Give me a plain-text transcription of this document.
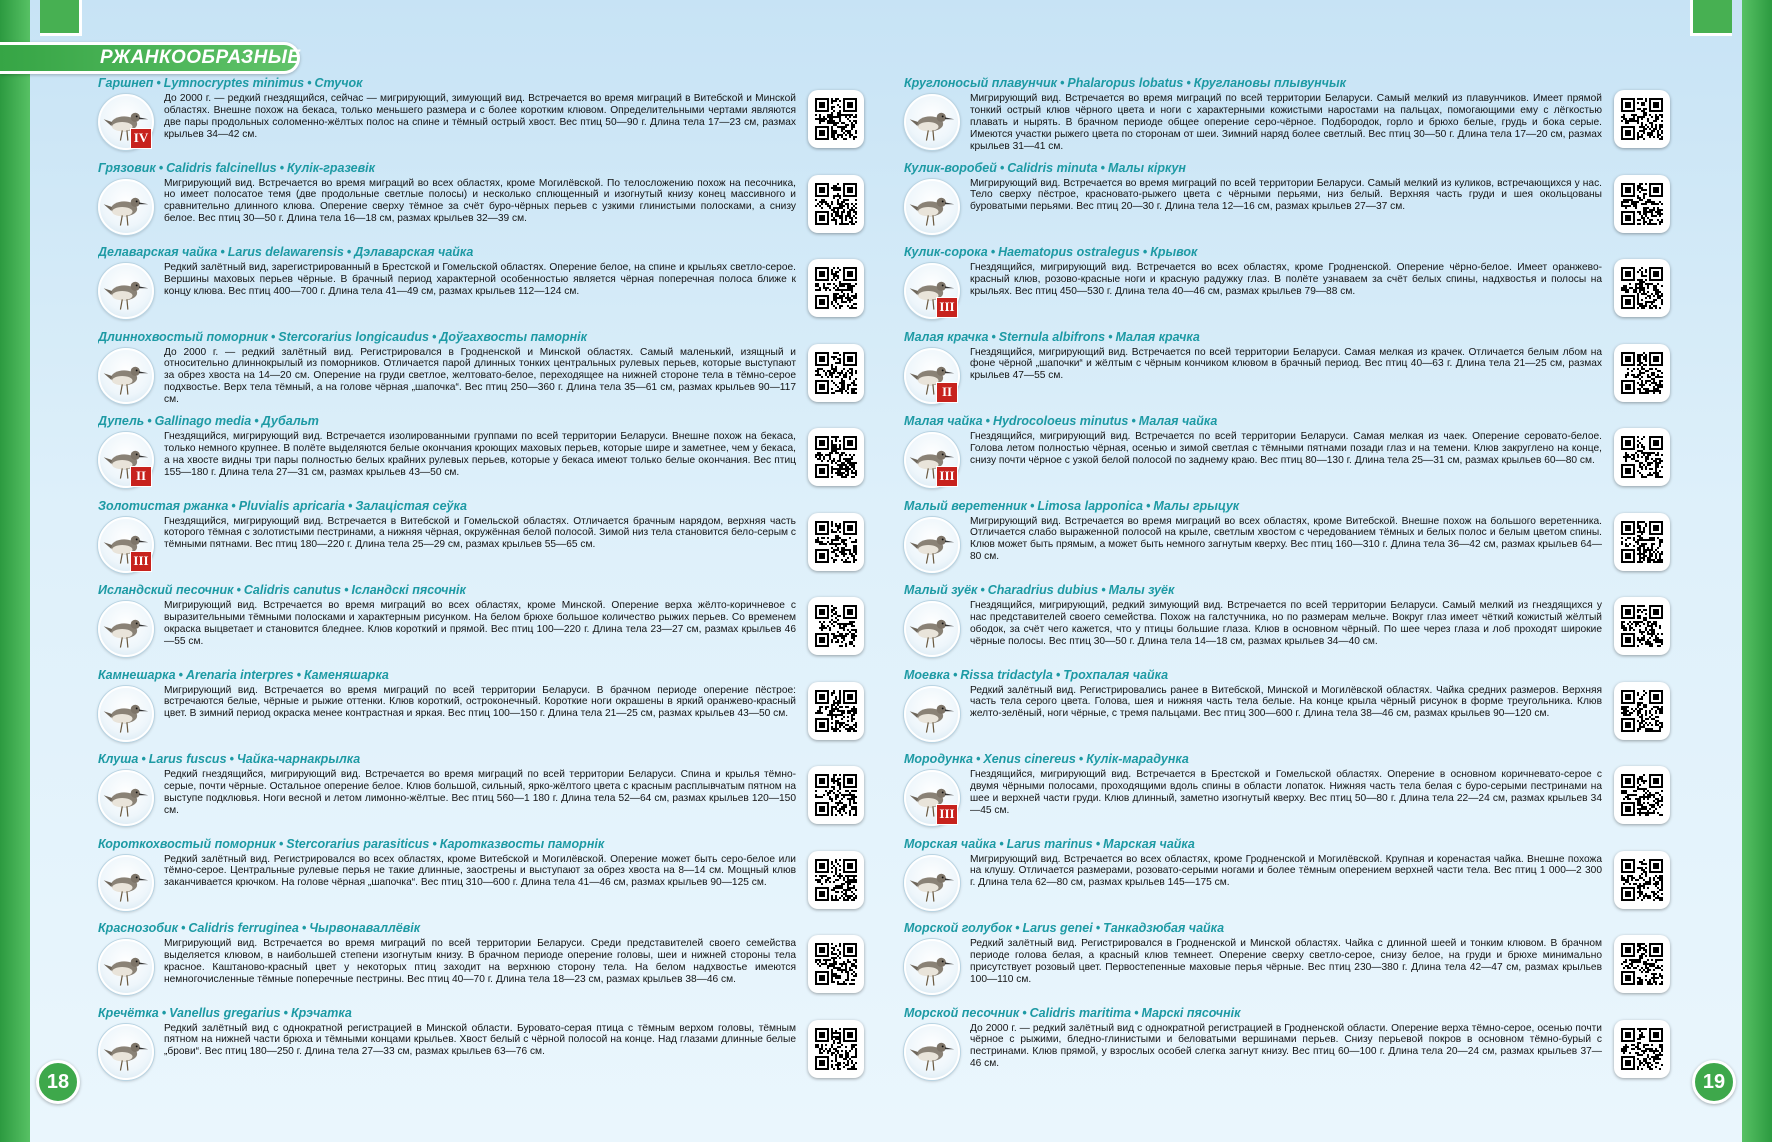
РЖАНКООБРАЗНЫЕ
Гаршнеп • Lymnocryptes minimus • Стучок
IV
До 2000 г. — редкий гнездящийся, сейчас — мигрирующий, зимующий вид. Встречается во время миграций в Витебской и Минской областях. Внешне похож на бекаса, только меньшего размера и с более коротким клювом. Определительными чертами являются две пары продольных соломенно-жёлтых полос на спине и тёмный острый хвост. Вес птиц 50—90 г. Длина тела 17—23 см, размах крыльев 34—42 см.
Грязовик • Calidris falcinellus • Кулік-гразевік
Мигрирующий вид. Встречается во время миграций во всех областях, кроме Могилёвской. По телосложению похож на песочника, но имеет полосатое темя (две продольные светлые полосы) и несколько сплющенный и изогнутый книзу конец массивного и сравнительно длинного клюва. Оперение сверху тёмное за счёт буро-чёрных перьев с узкими глинистыми полосками, а снизу белое. Вес птиц 30—50 г. Длина тела 16—18 см, размах крыльев 32—39 см.
Делаварская чайка • Larus delawarensis • Дэлаварская чайка
Редкий залётный вид, зарегистрированный в Брестской и Гомельской областях. Оперение белое, на спине и крыльях светло-серое. Вершины маховых перьев чёрные. В брачный период характерной особенностью является чёрная поперечная полоса ближе к концу клюва. Вес птиц 400—700 г. Длина тела 41—49 см, размах крыльев 112—124 см.
Длиннохвостый поморник • Stercorarius longicaudus • Доўгахвосты паморнік
До 2000 г. — редкий залётный вид. Регистрировался в Гродненской и Минской областях. Самый маленький, изящный и относительно длиннокрылый из поморников. Отличается парой длинных тонких центральных рулевых перьев, которые выступают за обрез хвоста на 14—20 см. Оперение на груди светлое, желтовато-белое, переходящее на нижней стороне тела в тёмно-серое подхвостье. Верх тела тёмный, а на голове чёрная „шапочка“. Вес птиц 250—360 г. Длина тела 35—61 см, размах крыльев 90—117 см.
Дупель • Gallinago media • Дубальт
II
Гнездящийся, мигрирующий вид. Встречается изолированными группами по всей территории Беларуси. Внешне похож на бекаса, только немного крупнее. В полёте выделяются белые окончания кроющих маховых перьев, которые шире и заметнее, чем у бекаса, а на хвосте видны три пары полностью белых крайних рулевых перьев, которые у бекаса имеют только белые окончания. Вес птиц 155—180 г. Длина тела 27—31 см, размах крыльев 43—50 см.
Золотистая ржанка • Pluvialis apricaria • Залацістая сеўка
III
Гнездящийся, мигрирующий вид. Встречается в Витебской и Гомельской областях. Отличается брачным нарядом, верхняя часть которого тёмная с золотистыми пестринами, а нижняя чёрная, окружённая белой полосой. Зимой низ тела становится бело-серым с тёмными пятнами. Вес птиц 180—220 г. Длина тела 25—29 см, размах крыльев 55—65 см.
Исландский песочник • Calidris canutus • Ісландскі пясочнік
Мигрирующий вид. Встречается во время миграций во всех областях, кроме Минской. Оперение верха жёлто-коричневое с выразительными тёмными полосками и характерным рисунком. На белом брюхе большое количество рыжих перьев. Со временем окраска выцветает и становится бледнее. Клюв короткий и прямой. Вес птиц 100—220 г. Длина тела 23—27 см, размах крыльев 46—55 см.
Камнешарка • Arenaria interpres • Каменяшарка
Мигрирующий вид. Встречается во время миграций по всей территории Беларуси. В брачном периоде оперение пёстрое: встречаются белые, чёрные и рыжие оттенки. Клюв короткий, остроконечный. Короткие ноги окрашены в яркий оранжево-красный цвет. В зимний период окраска менее контрастная и яркая. Вес птиц 100—150 г. Длина тела 21—25 см, размах крыльев 43—50 см.
Клуша • Larus fuscus • Чайка-чарнакрылка
Редкий гнездящийся, мигрирующий вид. Встречается во время миграций по всей территории Беларуси. Спина и крылья тёмно-серые, почти чёрные. Остальное оперение белое. Клюв большой, сильный, ярко-жёлтого цвета с красным расплывчатым пятном на выступе подклювья. Ноги весной и летом лимонно-жёлтые. Вес птиц 560—1 180 г. Длина тела 52—64 см, размах крыльев 120—150 см.
Короткохвостый поморник • Stercorarius parasiticus • Каротказвосты паморнік
Редкий залётный вид. Регистрировался во всех областях, кроме Витебской и Могилёвской. Оперение может быть серо-белое или тёмно-серое. Центральные рулевые перья не такие длинные, заострены и выступают за обрез хвоста на 8—14 см. Мощный клюв заканчивается крючком. На голове чёрная „шапочка“. Вес птиц 310—600 г. Длина тела 41—46 см, размах крыльев 90—125 см.
Краснозобик • Calidris ferruginea • Чырвонаваллёвік
Мигрирующий вид. Встречается во время миграций по всей территории Беларуси. Среди представителей своего семейства выделяется клювом, в наибольшей степени изогнутым книзу. В брачном периоде оперение головы, шеи и нижней стороны тела красное. Каштаново-красный цвет у некоторых птиц заходит на верхнюю сторону тела. На белом надхвостье имеются немногочисленные тёмные поперечные пестрины. Вес птиц 40—70 г. Длина тела 18—23 см, размах крыльев 38—46 см.
Кречётка • Vanellus gregarius • Крэчатка
Редкий залётный вид с однократной регистрацией в Минской области. Буровато-серая птица с тёмным верхом головы, тёмным пятном на нижней части брюха и тёмными концами крыльев. Хвост белый с чёрной полосой на конце. Над глазами длинные белые „брови“. Вес птиц 180—250 г. Длина тела 27—33 см, размах крыльев 63—76 см.
Круглоносый плавунчик • Phalaropus lobatus • Круглановы плывунчык
Мигрирующий вид. Встречается во время миграций по всей территории Беларуси. Самый мелкий из плавунчиков. Имеет прямой тонкий острый клюв чёрного цвета и ноги с характерными кожистыми наростами на пальцах, помогающими ему с лёгкостью плавать и нырять. В брачном периоде общее оперение серо-чёрное. Подбородок, горло и брюхо белые, грудь и бока серые. Имеются участки рыжего цвета по сторонам от шеи. Зимний наряд более светлый. Вес птиц 30—50 г. Длина тела 17—20 см, размах крыльев 31—41 см.
Кулик-воробей • Calidris minuta • Малы кіркун
Мигрирующий вид. Встречается во время миграций по всей территории Беларуси. Самый мелкий из куликов, встречающихся у нас. Тело сверху пёстрое, красновато-рыжего цвета с чёрными перьями, низ белый. Верхняя часть груди и шея окольцованы буроватыми перьями. Вес птиц 20—30 г. Длина тела 12—16 см, размах крыльев 27—37 см.
Кулик-сорока • Haematopus ostralegus • Крывок
III
Гнездящийся, мигрирующий вид. Встречается во всех областях, кроме Гродненской. Оперение чёрно-белое. Имеет оранжево-красный клюв, розово-красные ноги и красную радужку глаз. В полёте узнаваем за счёт белых спины, надхвостья и полосы на крыльях. Вес птиц 450—530 г. Длина тела 40—46 см, размах крыльев 79—88 см.
Малая крачка • Sternula albifrons • Малая крачка
II
Гнездящийся, мигрирующий вид. Встречается по всей территории Беларуси. Самая мелкая из крачек. Отличается белым лбом на фоне чёрной „шапочки“ и жёлтым с чёрным кончиком клювом в брачный период. Вес птиц 40—63 г. Длина тела 21—25 см, размах крыльев 47—55 см.
Малая чайка • Hydrocoloeus minutus • Малая чайка
III
Гнездящийся, мигрирующий вид. Встречается по всей территории Беларуси. Самая мелкая из чаек. Оперение серовато-белое. Голова летом полностью чёрная, осенью и зимой светлая с тёмными пятнами позади глаз и на темени. Клюв закруглено на конце, снизу почти чёрное с узкой белой полосой по заднему краю. Вес птиц 80—130 г. Длина тела 25—31 см, размах крыльев 60—80 см.
Малый веретенник • Limosa lapponica • Малы грыцук
Мигрирующий вид. Встречается во время миграций во всех областях, кроме Витебской. Внешне похож на большого веретенника. Отличается слабо выраженной полосой на крыле, светлым хвостом с чередованием тёмных и белых полос и белым цветом спины. Клюв может быть прямым, а может быть немного загнутым кверху. Вес птиц 160—310 г. Длина тела 36—42 см, размах крыльев 64—80 см.
Малый зуёк • Charadrius dubius • Малы зуёк
Гнездящийся, мигрирующий, редкий зимующий вид. Встречается по всей территории Беларуси. Самый мелкий из гнездящихся у нас представителей своего семейства. Похож на галстучника, но по размерам мельче. Вокруг глаз имеет чёткий кожистый жёлтый ободок, за счёт чего кажется, что у птицы большие глаза. Клюв в основном чёрный. По шее через глаза и лоб проходят широкие чёрные полосы. Вес птиц 30—50 г. Длина тела 14—18 см, размах крыльев 34—40 см.
Моевка • Rissa tridactyla • Трохпалая чайка
Редкий залётный вид. Регистрировались ранее в Витебской, Минской и Могилёвской областях. Чайка средних размеров. Верхняя часть тела серого цвета. Голова, шея и нижняя часть тела белые. На конце крыла чёрный рисунок в форме треугольника. Клюв желто-зелёный, ноги чёрные, с тремя пальцами. Вес птиц 300—600 г. Длина тела 38—46 см, размах крыльев 90—120 см.
Мородунка • Xenus cinereus • Кулік-марадунка
III
Гнездящийся, мигрирующий вид. Встречается в Брестской и Гомельской областях. Оперение в основном коричневато-серое с двумя чёрными полосами, проходящими вдоль спины в области лопаток. Нижняя часть тела белая с буро-серыми пестринами на шее и верхней части груди. Клюв длинный, заметно изогнутый кверху. Вес птиц 50—80 г. Длина тела 22—24 см, размах крыльев 34—45 см.
Морская чайка • Larus marinus • Марская чайка
Мигрирующий вид. Встречается во всех областях, кроме Гродненской и Могилёвской. Крупная и коренастая чайка. Внешне похожа на клушу. Отличается размерами, розовато-серыми ногами и более тёмным оперением верхней части тела. Вес птиц 1 000—2 300 г. Длина тела 62—80 см, размах крыльев 145—175 см.
Морской голубок • Larus genei • Танкадзюбая чайка
Редкий залётный вид. Регистрировался в Гродненской и Минской областях. Чайка с длинной шеей и тонким клювом. В брачном периоде голова белая, а красный клюв темнеет. Оперение сверху светло-серое, снизу белое, на груди и брюхе минимально присутствует розовый цвет. Первостепенные маховые перья чёрные. Вес птиц 230—380 г. Длина тела 42—47 см, размах крыльев 100—110 см.
Морской песочник • Calidris maritima • Марскі пясочнік
До 2000 г. — редкий залётный вид с однократной регистрацией в Гродненской области. Оперение верха тёмно-серое, осенью почти чёрное с рыжими, бледно-глинистыми и беловатыми вершинами перьев. Снизу перьевой покров в основном тёмно-бурый с пестринами. Клюв прямой, у взрослых особей слегка загнут книзу. Вес птиц 60—100 г. Длина тела 20—24 см, размах крыльев 37—46 см.
18	19
